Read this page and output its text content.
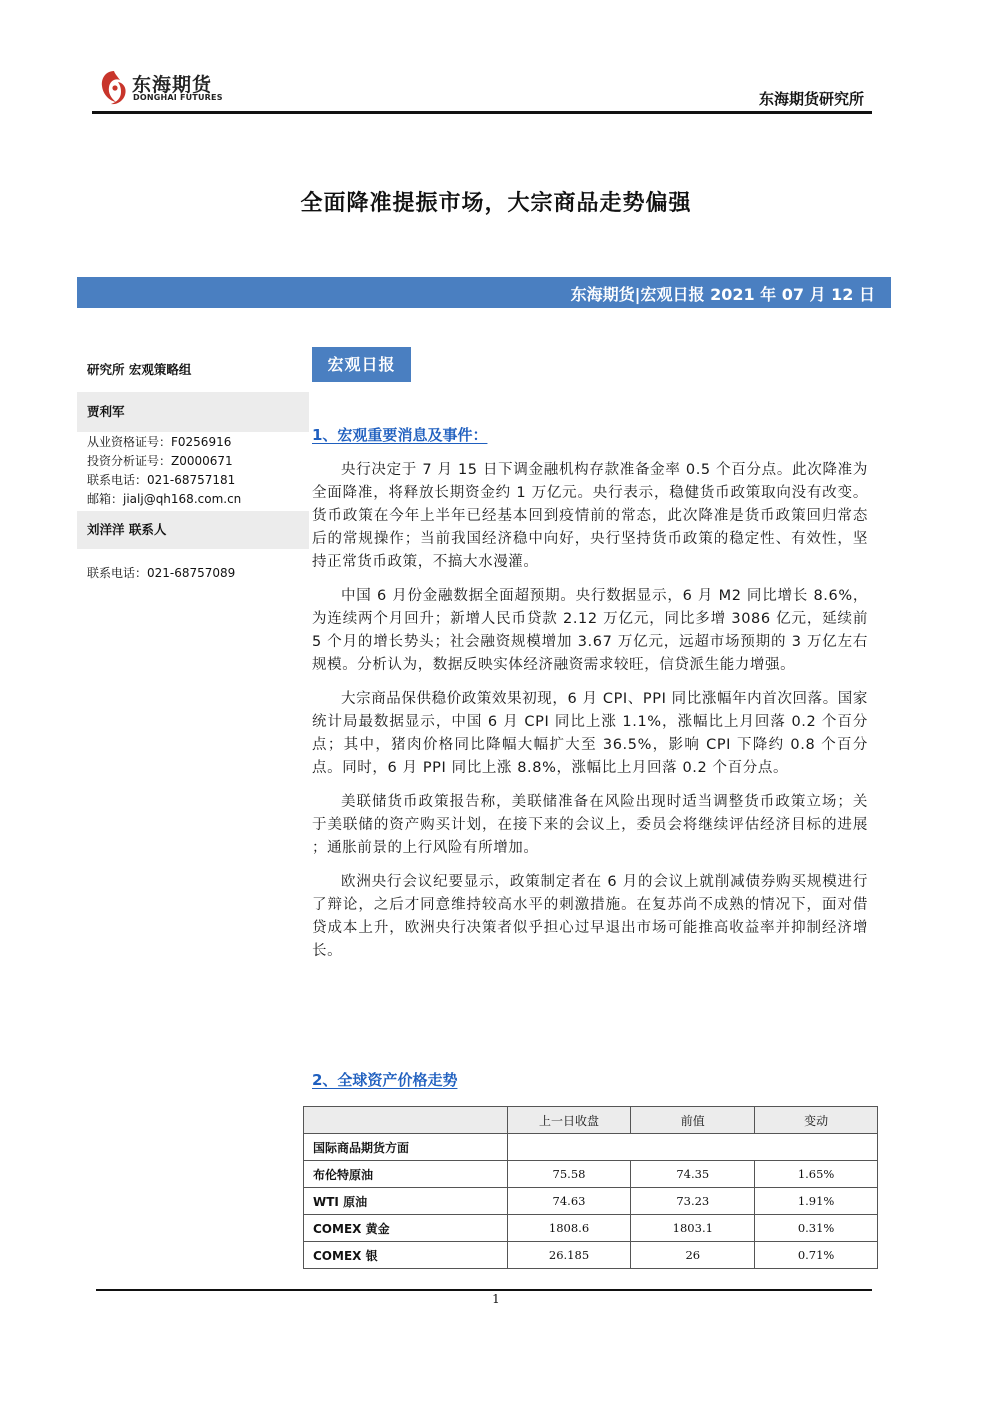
东海期货
DONGHAI FUTURES	东海期货研究所
全面降准提振市场，大宗商品走势偏强
东海期货|宏观日报 2021 年 07 月 12 日
研究所 宏观策略组
贾利军
从业资格证号：F0256916
投资分析证号：Z0000671
联系电话：021-68757181
邮箱：jialj@qh168.com.cn
刘洋洋 联系人
联系电话：021-68757089
宏观日报
1、宏观重要消息及事件：

央行决定于 7 月 15 日下调金融机构存款准备金率 0.5 个百分点。此次降准为全面降准，将释放长期资金约 1 万亿元。央行表示，稳健货币政策取向没有改变。货币政策在今年上半年已经基本回到疫情前的常态，此次降准是货币政策回归常态后的常规操作；当前我国经济稳中向好，央行坚持货币政策的稳定性、有效性，坚持正常货币政策，不搞大水漫灌。

中国 6 月份金融数据全面超预期。央行数据显示，6 月 M2 同比增长 8.6%，为连续两个月回升；新增人民币贷款 2.12 万亿元，同比多增 3086 亿元，延续前 5 个月的增长势头；社会融资规模增加 3.67 万亿元，远超市场预期的 3 万亿左右规模。分析认为，数据反映实体经济融资需求较旺，信贷派生能力增强。

大宗商品保供稳价政策效果初现，6 月 CPI、PPI 同比涨幅年内首次回落。国家统计局最数据显示，中国 6 月 CPI 同比上涨 1.1%，涨幅比上月回落 0.2 个百分点；其中，猪肉价格同比降幅大幅扩大至 36.5%，影响 CPI 下降约 0.8 个百分点。同时，6 月 PPI 同比上涨 8.8%，涨幅比上月回落 0.2 个百分点。

美联储货币政策报告称，美联储准备在风险出现时适当调整货币政策立场；关于美联储的资产购买计划，在接下来的会议上，委员会将继续评估经济目标的进展 ；通胀前景的上行风险有所增加。

欧洲央行会议纪要显示，政策制定者在 6 月的会议上就削减债券购买规模进行了辩论，之后才同意维持较高水平的刺激措施。在复苏尚不成熟的情况下，面对借贷成本上升，欧洲央行决策者似乎担心过早退出市场可能推高收益率并抑制经济增长。

2、全球资产价格走势
	上一日收盘	前值	变动
国际商品期货方面			
布伦特原油	75.58	74.35	1.65%
WTI 原油	74.63	73.23	1.91%
COMEX 黄金	1808.6	1803.1	0.31%
COMEX 银	26.185	26	0.71%
1
